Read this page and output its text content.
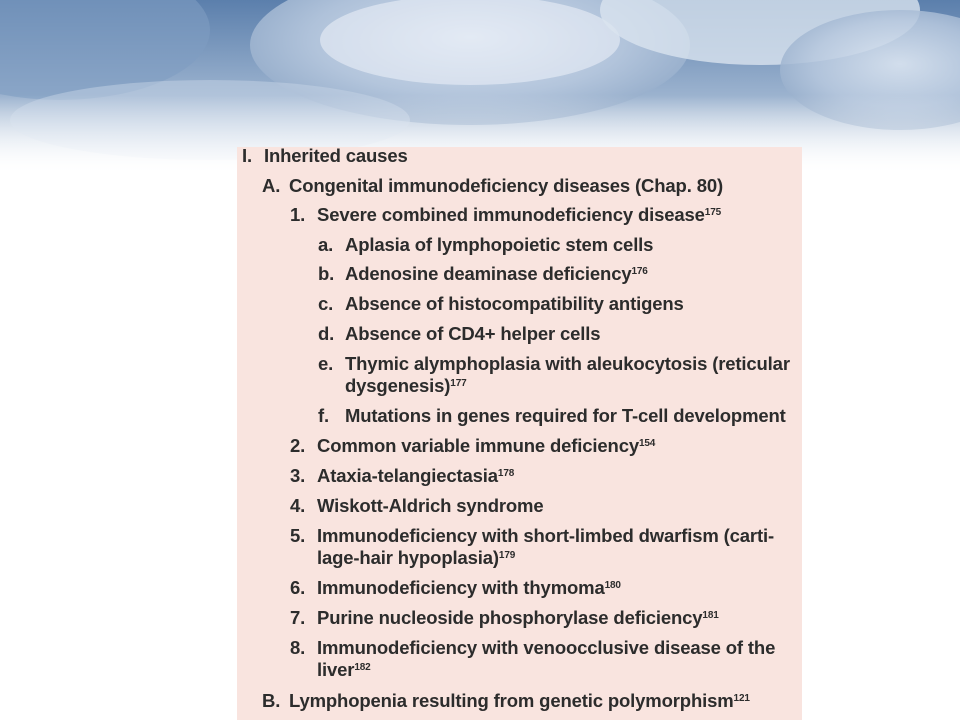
I. Inherited causes
A. Congenital immunodeficiency diseases (Chap. 80)
1. Severe combined immunodeficiency disease$^{175}$
a. Aplasia of lymphopoietic stem cells
b. Adenosine deaminase deficiency$^{176}$
c. Absence of histocompatibility antigens
d. Absence of CD4+ helper cells
e. Thymic alymphoplasia with aleukocytosis (reticular
dysgenesis)$^{177}$
f. Mutations in genes required for T-cell development
2. Common variable immune deficiency$^{154}$
3. Ataxia-telangiectasia$^{178}$
4. Wiskott-Aldrich syndrome
5. Immunodeficiency with short-limbed dwarfism (carti-
lage-hair hypoplasia)$^{179}$
6. Immunodeficiency with thymoma$^{180}$
7. Purine nucleoside phosphorylase deficiency$^{181}$
8. Immunodeficiency with venoocclusive disease of the
liver$^{182}$
B. Lymphopenia resulting from genetic polymorphism$^{121}$
